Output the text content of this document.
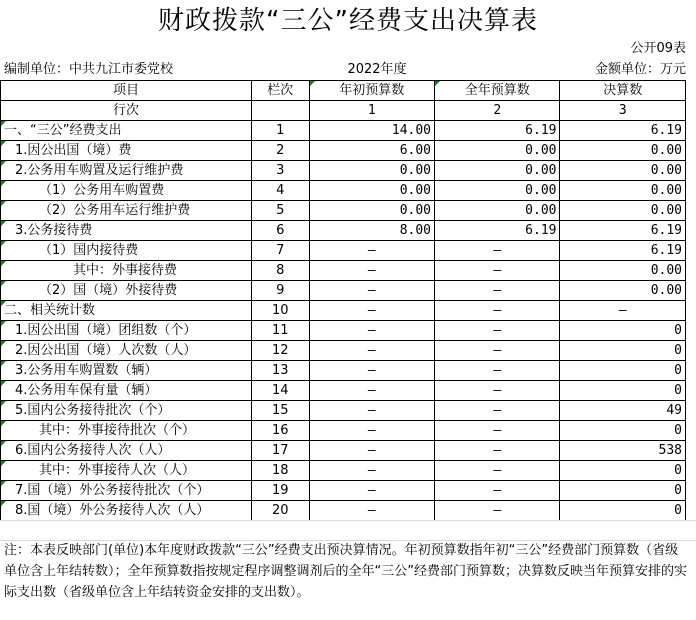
财政拨款“三公”经费支出决算表
公开09表
编制单位：中共九江市委党校	2022年度	金额单位：万元
项目	栏次	年初预算数	全年预算数	决算数
行次		1	2	3
一、“三公”经费支出	1	14.00	6.19	6.19
1.因公出国（境）费	2	6.00	0.00	0.00
2.公务用车购置及运行维护费	3	0.00	0.00	0.00
（1）公务用车购置费	4	0.00	0.00	0.00
（2）公务用车运行维护费	5	0.00	0.00	0.00
3.公务接待费	6	8.00	6.19	6.19
（1）国内接待费	7	—	—	6.19
其中：外事接待费	8	—	—	0.00
（2）国（境）外接待费	9	—	—	0.00
二、相关统计数	10	—	—	—
1.因公出国（境）团组数（个）	11	—	—	0
2.因公出国（境）人次数（人）	12	—	—	0
3.公务用车购置数（辆）	13	—	—	0
4.公务用车保有量（辆）	14	—	—	0
5.国内公务接待批次（个）	15	—	—	49
其中：外事接待批次（个）	16	—	—	0
6.国内公务接待人次（人）	17	—	—	538
其中：外事接待人次（人）	18	—	—	0
7.国（境）外公务接待批次（个）	19	—	—	0
8.国（境）外公务接待人次（人）	20	—	—	0
注：本表反映部门(单位)本年度财政拨款“三公”经费支出预决算情况。年初预算数指年初“三公”经费部门预算数（省级单位含上年结转数）；全年预算数指按规定程序调整调剂后的全年“三公”经费部门预算数；决算数反映当年预算安排的实际支出数（省级单位含上年结转资金安排的支出数）。
